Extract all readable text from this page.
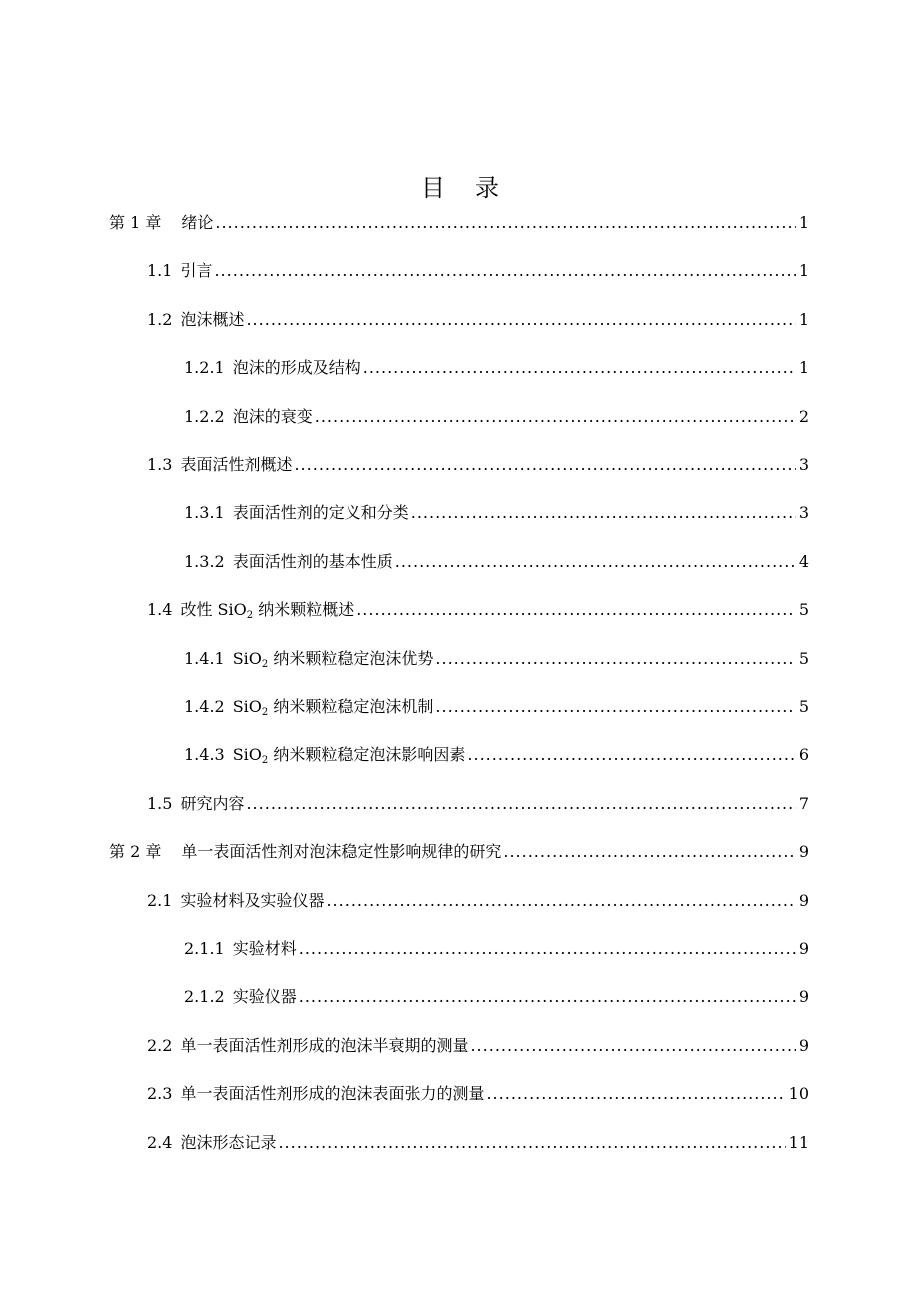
目 录
第 1 章 绪论 .....	1
1.1 引言 .....	1
1.2 泡沫概述 .....	1
1.2.1 泡沫的形成及结构 .....	1
1.2.2 泡沫的衰变 .....	2
1.3 表面活性剂概述 .....	3
1.3.1 表面活性剂的定义和分类 .....	3
1.3.2 表面活性剂的基本性质 .....	4
1.4 改性 SiO$_2$ 纳米颗粒概述 .....	5
1.4.1 SiO$_2$ 纳米颗粒稳定泡沫优势 .....	5
1.4.2 SiO$_2$ 纳米颗粒稳定泡沫机制 .....	5
1.4.3 SiO$_2$ 纳米颗粒稳定泡沫影响因素 .....	6
1.5 研究内容 .....	7
第 2 章 单一表面活性剂对泡沫稳定性影响规律的研究 .....	9
2.1 实验材料及实验仪器 .....	9
2.1.1 实验材料 .....	9
2.1.2 实验仪器 .....	9
2.2 单一表面活性剂形成的泡沫半衰期的测量 .....	9
2.3 单一表面活性剂形成的泡沫表面张力的测量 .....	10
2.4 泡沫形态记录 .....	11
